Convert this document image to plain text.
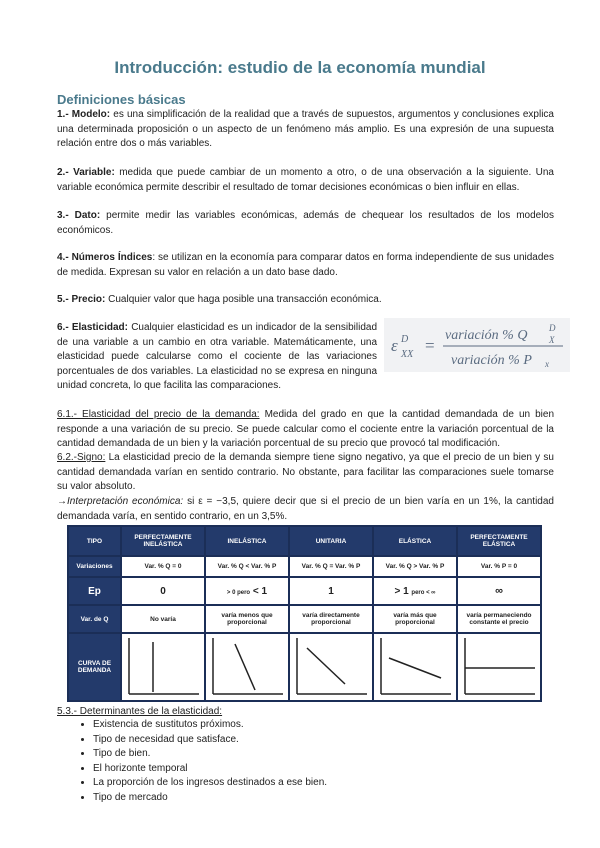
Introducción: estudio de la economía mundial
Definiciones básicas

1.- Modelo: es una simplificación de la realidad que a través de supuestos, argumentos y conclusiones explica una determinada proposición o un aspecto de un fenómeno más amplio. Es una expresión de una supuesta relación entre dos o más variables.

2.- Variable: medida que puede cambiar de un momento a otro, o de una observación a la siguiente. Una variable económica permite describir el resultado de tomar decisiones económicas o bien influir en ellas.

3.- Dato: permite medir las variables económicas, además de chequear los resultados de los modelos económicos.

4.- Números Índices: se utilizan en la economía para comparar datos en forma independiente de sus unidades de medida. Expresan su valor en relación a un dato base dado.

5.- Precio: Cualquier valor que haga posible una transacción económica.

6.- Elasticidad: Cualquier elasticidad es un indicador de la sensibilidad de una variable a un cambio en otra variable. Matemáticamente, una elasticidad puede calcularse como el cociente de las variaciones porcentuales de dos variables. La elasticidad no se expresa en ninguna unidad concreta, lo que facilita las comparaciones.

ε D
XX =
variación % Q D
X
variación % P x

6.1.- Elasticidad del precio de la demanda: Medida del grado en que la cantidad demandada de un bien responde a una variación de su precio. Se puede calcular como el cociente entre la variación porcentual de la cantidad demandada de un bien y la variación porcentual de su precio que provocó tal modificación.

6.2.-Signo: La elasticidad precio de la demanda siempre tiene signo negativo, ya que el precio de un bien y su cantidad demandada varían en sentido contrario. No obstante, para facilitar las comparaciones suele tomarse su valor absoluto.

→Interpretación económica: si ε = −3,5, quiere decir que si el precio de un bien varía en un 1%, la cantidad demandada varía, en sentido contrario, en un 3,5%.

TIPO	PERFECTAMENTE INELÁSTICA	INELÁSTICA	UNITARIA	ELÁSTICA	PERFECTAMENTE ELÁSTICA
Variaciones	Var. % Q = 0	Var. % Q < Var. % P	Var. % Q = Var. % P	Var. % Q > Var. % P	Var. % P = 0
Ep	0	> 0 pero < 1	1	> 1 pero < ∞	∞
Var. de Q	No varía	varía menos que proporcional	varía directamente proporcional	varía más que proporcional	varía permaneciendo constante el precio
CURVA DE DEMANDA					
5.3.- Determinantes de la elasticidad:
• Existencia de sustitutos próximos.
• Tipo de necesidad que satisface.
• Tipo de bien.
• El horizonte temporal
• La proporción de los ingresos destinados a ese bien.
• Tipo de mercado
